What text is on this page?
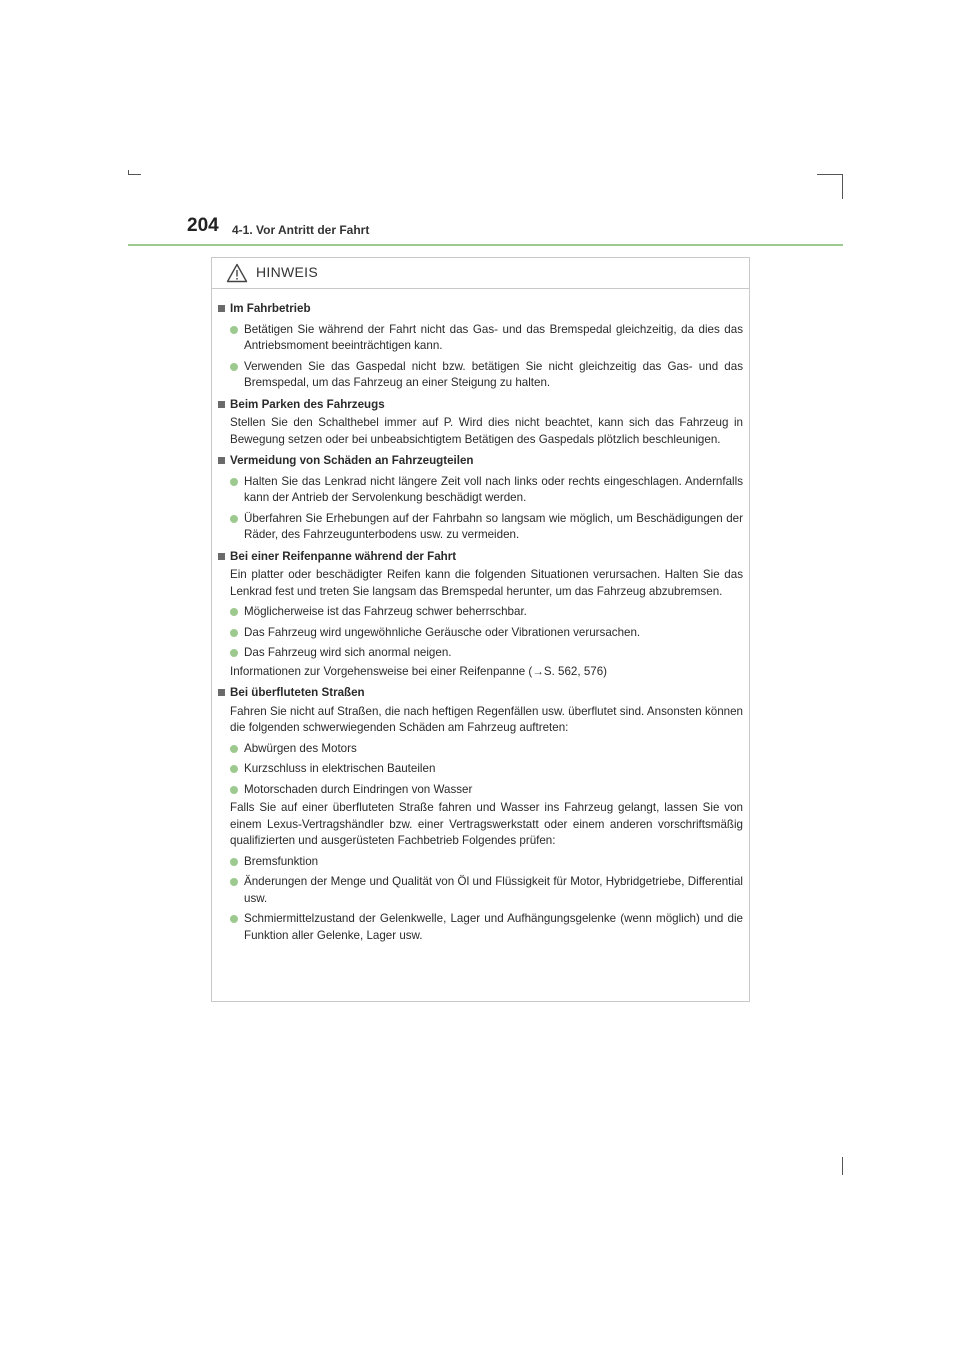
204 4-1. Vor Antritt der Fahrt
HINWEIS
Im Fahrbetrieb
Betätigen Sie während der Fahrt nicht das Gas- und das Bremspedal gleichzeitig, da dies das Antriebsmoment beeinträchtigen kann.
Verwenden Sie das Gaspedal nicht bzw. betätigen Sie nicht gleichzeitig das Gas- und das Bremspedal, um das Fahrzeug an einer Steigung zu halten.
Beim Parken des Fahrzeugs
Stellen Sie den Schalthebel immer auf P. Wird dies nicht beachtet, kann sich das Fahrzeug in Bewegung setzen oder bei unbeabsichtigtem Betätigen des Gaspedals plötzlich beschleunigen.
Vermeidung von Schäden an Fahrzeugteilen
Halten Sie das Lenkrad nicht längere Zeit voll nach links oder rechts eingeschlagen. Andernfalls kann der Antrieb der Servolenkung beschädigt werden.
Überfahren Sie Erhebungen auf der Fahrbahn so langsam wie möglich, um Beschädigungen der Räder, des Fahrzeugunterbodens usw. zu vermeiden.
Bei einer Reifenpanne während der Fahrt
Ein platter oder beschädigter Reifen kann die folgenden Situationen verursachen. Halten Sie das Lenkrad fest und treten Sie langsam das Bremspedal herunter, um das Fahrzeug abzubremsen.
Möglicherweise ist das Fahrzeug schwer beherrschbar.
Das Fahrzeug wird ungewöhnliche Geräusche oder Vibrationen verursachen.
Das Fahrzeug wird sich anormal neigen.
Informationen zur Vorgehensweise bei einer Reifenpanne (→S. 562, 576)
Bei überfluteten Straßen
Fahren Sie nicht auf Straßen, die nach heftigen Regenfällen usw. überflutet sind. Ansonsten können die folgenden schwerwiegenden Schäden am Fahrzeug auftreten:
Abwürgen des Motors
Kurzschluss in elektrischen Bauteilen
Motorschaden durch Eindringen von Wasser
Falls Sie auf einer überfluteten Straße fahren und Wasser ins Fahrzeug gelangt, lassen Sie von einem Lexus-Vertragshändler bzw. einer Vertragswerkstatt oder einem anderen vorschriftsmäßig qualifizierten und ausgerüsteten Fachbetrieb Folgendes prüfen:
Bremsfunktion
Änderungen der Menge und Qualität von Öl und Flüssigkeit für Motor, Hybridgetriebe, Differential usw.
Schmiermittelzustand der Gelenkwelle, Lager und Aufhängungsgelenke (wenn möglich) und die Funktion aller Gelenke, Lager usw.
